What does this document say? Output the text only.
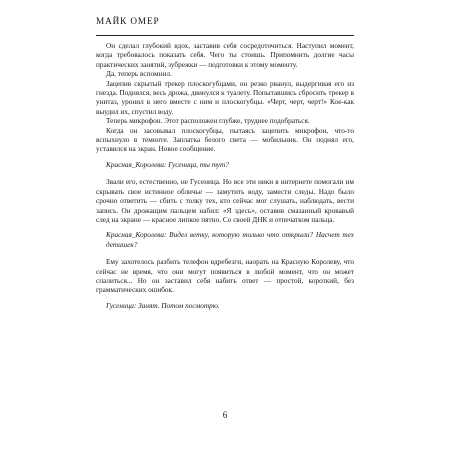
МАЙК ОМЕР

Он сделал глубокий вдох, заставив себя сосредоточиться. Наступил момент, когда требовалось показать себя. Чего ты стоишь. Припомнить долгие часы практических занятий, зубрежки — подготовки к этому моменту.

Да, теперь вспомнил.

Зацепив скрытый трекер плоскогубцами, он резко рванул, выдергивая его из гнезда. Поднялся, весь дрожа, двинулся к туалету. Попытавшись сбросить трекер в унитаз, уронил в него вместе с ним и плоскогубцы. «Черт, черт, черт!» Кое-как выудил их, спустил воду.

Теперь микрофон. Этот расположен глубже, труднее подобраться.

Когда он засовывал плоскогубцы, пытаясь зацепить микрофон, что-то вспыхнуло в темноте. Заплатка белого света — мобильник. Он поднял его, уставился на экран. Новое сообщение.

Красная_Королева: Гусеница, ты тут?

Звали его, естественно, не Гусеница. Но все эти ники в интернете помогали им скрывать свое истинное обличье — замутить воду, замести следы. Надо было срочно ответить — сбить с толку тех, кто сейчас мог слушать, наблюдать, вести запись. Он дрожащим пальцем набил: «Я здесь», оставив смазанный кровавый след на экране — красное липкое пятно. Со своей ДНК и отпечатком пальца.

Красная_Королева: Видел ветку, которую только что открыли? Насчет тех детишек?

Ему захотелось разбить телефон вдребезги, наорать на Красную Королеву, что сейчас не время, что они могут появиться в любой момент, что он может спалиться... Но он заставил себя набить ответ — простой, короткий, без грамматических ошибок.

Гусеница: Занят. Потом посмотрю.

6
